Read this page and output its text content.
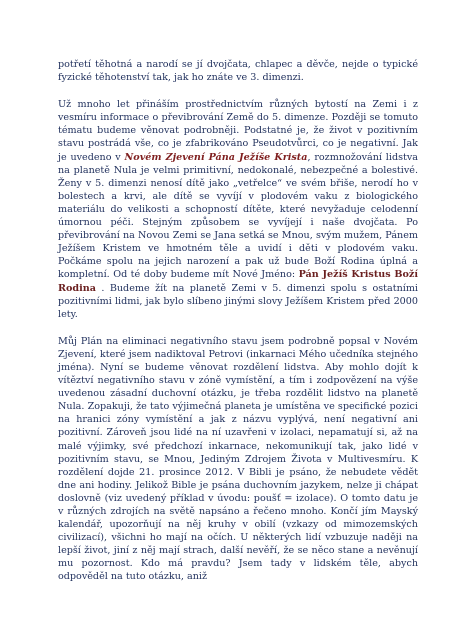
potřetí těhotná a narodí se jí dvojčata, chlapec a děvče, nejde o typické fyzické těhotenství tak, jak ho znáte ve 3. dimenzi.

Už mnoho let přináším prostřednictvím různých bytostí na Zemi i z vesmíru informace o převibrování Země do 5. dimenze. Později se tomuto tématu budeme věnovat podrobněji. Podstatné je, že život v pozitivním stavu postrádá vše, co je zfabrikováno Pseudotvůrci, co je negativní. Jak je uvedeno v Novém Zjevení Pána Ježíše Krista, rozmnožování lidstva na planetě Nula je velmi primitivní, nedokonalé, nebezpečné a bolestivé. Ženy v 5. dimenzi nenosí dítě jako „vetřelce“ ve svém břiše, nerodí ho v bolestech a krvi, ale dítě se vyvíjí v plodovém vaku z biologického materiálu do velikosti a schopností dítěte, které nevyžaduje celodenní úmornou péči. Stejným způsobem se vyvíjejí i naše dvojčata. Po převibrování na Novou Zemi se Jana setká se Mnou, svým mužem, Pánem Ježíšem Kristem ve hmotném těle a uvidí i děti v plodovém vaku. Počkáme spolu na jejich narození a pak už bude Boží Rodina úplná a kompletní. Od té doby budeme mít Nové Jméno: Pán Ježíš Kristus Boží Rodina . Budeme žít na planetě Zemi v 5. dimenzi spolu s ostatními pozitivními lidmi, jak bylo slíbeno jinými slovy Ježíšem Kristem před 2000 lety.

Můj Plán na eliminaci negativního stavu jsem podrobně popsal v Novém Zjevení, které jsem nadiktoval Petrovi (inkarnaci Mého učedníka stejného jména). Nyní se budeme věnovat rozdělení lidstva. Aby mohlo dojít k vítěztví negativního stavu v zóně vymístění, a tím i zodpovězení na výše uvedenou zásadní duchovní otázku, je třeba rozdělit lidstvo na planetě Nula. Zopakuji, že tato výjimečná planeta je umístěna ve specifické pozici na hranici zóny vymístění a jak z názvu vyplývá, není negativní ani pozitivní. Zároveň jsou lidé na ní uzavřeni v izolaci, nepamatují si, až na malé výjimky, své předchozí inkarnace, nekomunikují tak, jako lidé v pozitivním stavu, se Mnou, Jediným Zdrojem Života v Multivesmíru. K rozdělení dojde 21. prosince 2012. V Bibli je psáno, že nebudete vědět dne ani hodiny. Jelikož Bible je psána duchovním jazykem, nelze ji chápat doslovně (viz uvedený příklad v úvodu: poušť = izolace). O tomto datu je v různých zdrojích na světě napsáno a řečeno mnoho. Končí jím Mayský kalendář, upozorňují na něj kruhy v obilí (vzkazy od mimozemských civilizací), všichni ho mají na očích. U některých lidí vzbuzuje naději na lepší život, jiní z něj mají strach, další nevěří, že se něco stane a nevěnují mu pozornost. Kdo má pravdu? Jsem tady v lidském těle, abych odpověděl na tuto otázku, aniž
